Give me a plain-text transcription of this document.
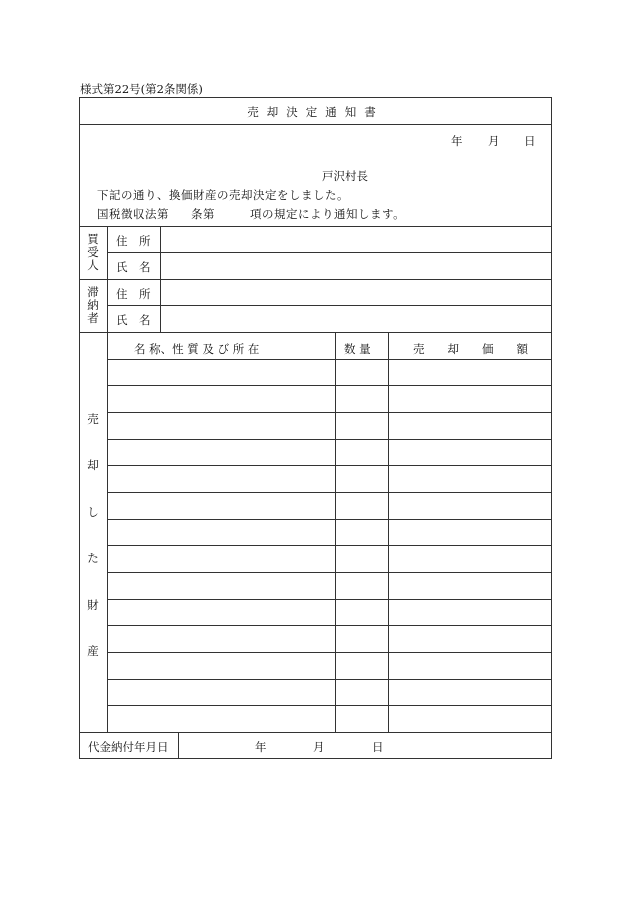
様式第22号(第2条関係)
売却決定通知書
年 月 日
戸沢村長
下記の通り、換価財産の売却決定をしました。
国税徴収法第 条第	項の規定により通知します。
買
受
人
住　所
氏　名
滞
納
者
住　所
氏　名
名 称、性 質 及 び 所 在	数 量	売　　却　　価　　額
売
却
し
た
財
産
代金納付年月日	年	月	日
